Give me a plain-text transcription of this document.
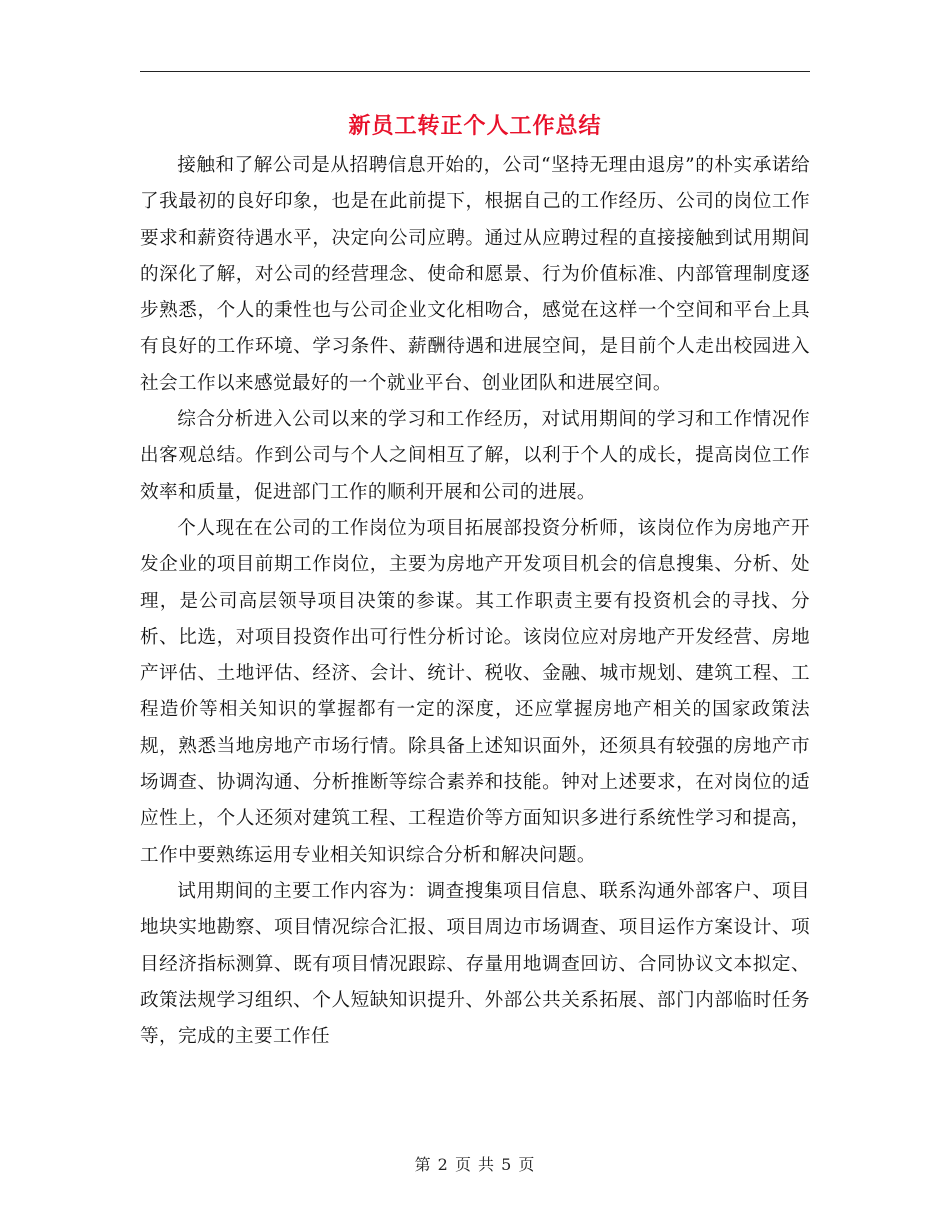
新员工转正个人工作总结

接触和了解公司是从招聘信息开始的，公司“坚持无理由退房”的朴实承诺给了我最初的良好印象，也是在此前提下，根据自己的工作经历、公司的岗位工作要求和薪资待遇水平，决定向公司应聘。通过从应聘过程的直接接触到试用期间的深化了解，对公司的经营理念、使命和愿景、行为价值标准、内部管理制度逐步熟悉，个人的秉性也与公司企业文化相吻合，感觉在这样一个空间和平台上具有良好的工作环境、学习条件、薪酬待遇和进展空间，是目前个人走出校园进入社会工作以来感觉最好的一个就业平台、创业团队和进展空间。

综合分析进入公司以来的学习和工作经历，对试用期间的学习和工作情况作出客观总结。作到公司与个人之间相互了解，以利于个人的成长，提高岗位工作效率和质量，促进部门工作的顺利开展和公司的进展。

个人现在在公司的工作岗位为项目拓展部投资分析师，该岗位作为房地产开发企业的项目前期工作岗位，主要为房地产开发项目机会的信息搜集、分析、处理，是公司高层领导项目决策的参谋。其工作职责主要有投资机会的寻找、分析、比选，对项目投资作出可行性分析讨论。该岗位应对房地产开发经营、房地产评估、土地评估、经济、会计、统计、税收、金融、城市规划、建筑工程、工程造价等相关知识的掌握都有一定的深度，还应掌握房地产相关的国家政策法规，熟悉当地房地产市场行情。除具备上述知识面外，还须具有较强的房地产市场调查、协调沟通、分析推断等综合素养和技能。钟对上述要求，在对岗位的适应性上，个人还须对建筑工程、工程造价等方面知识多进行系统性学习和提高，工作中要熟练运用专业相关知识综合分析和解决问题。

试用期间的主要工作内容为：调查搜集项目信息、联系沟通外部客户、项目地块实地勘察、项目情况综合汇报、项目周边市场调查、项目运作方案设计、项目经济指标测算、既有项目情况跟踪、存量用地调查回访、合同协议文本拟定、政策法规学习组织、个人短缺知识提升、外部公共关系拓展、部门内部临时任务等，完成的主要工作任

第 2 页 共 5 页
